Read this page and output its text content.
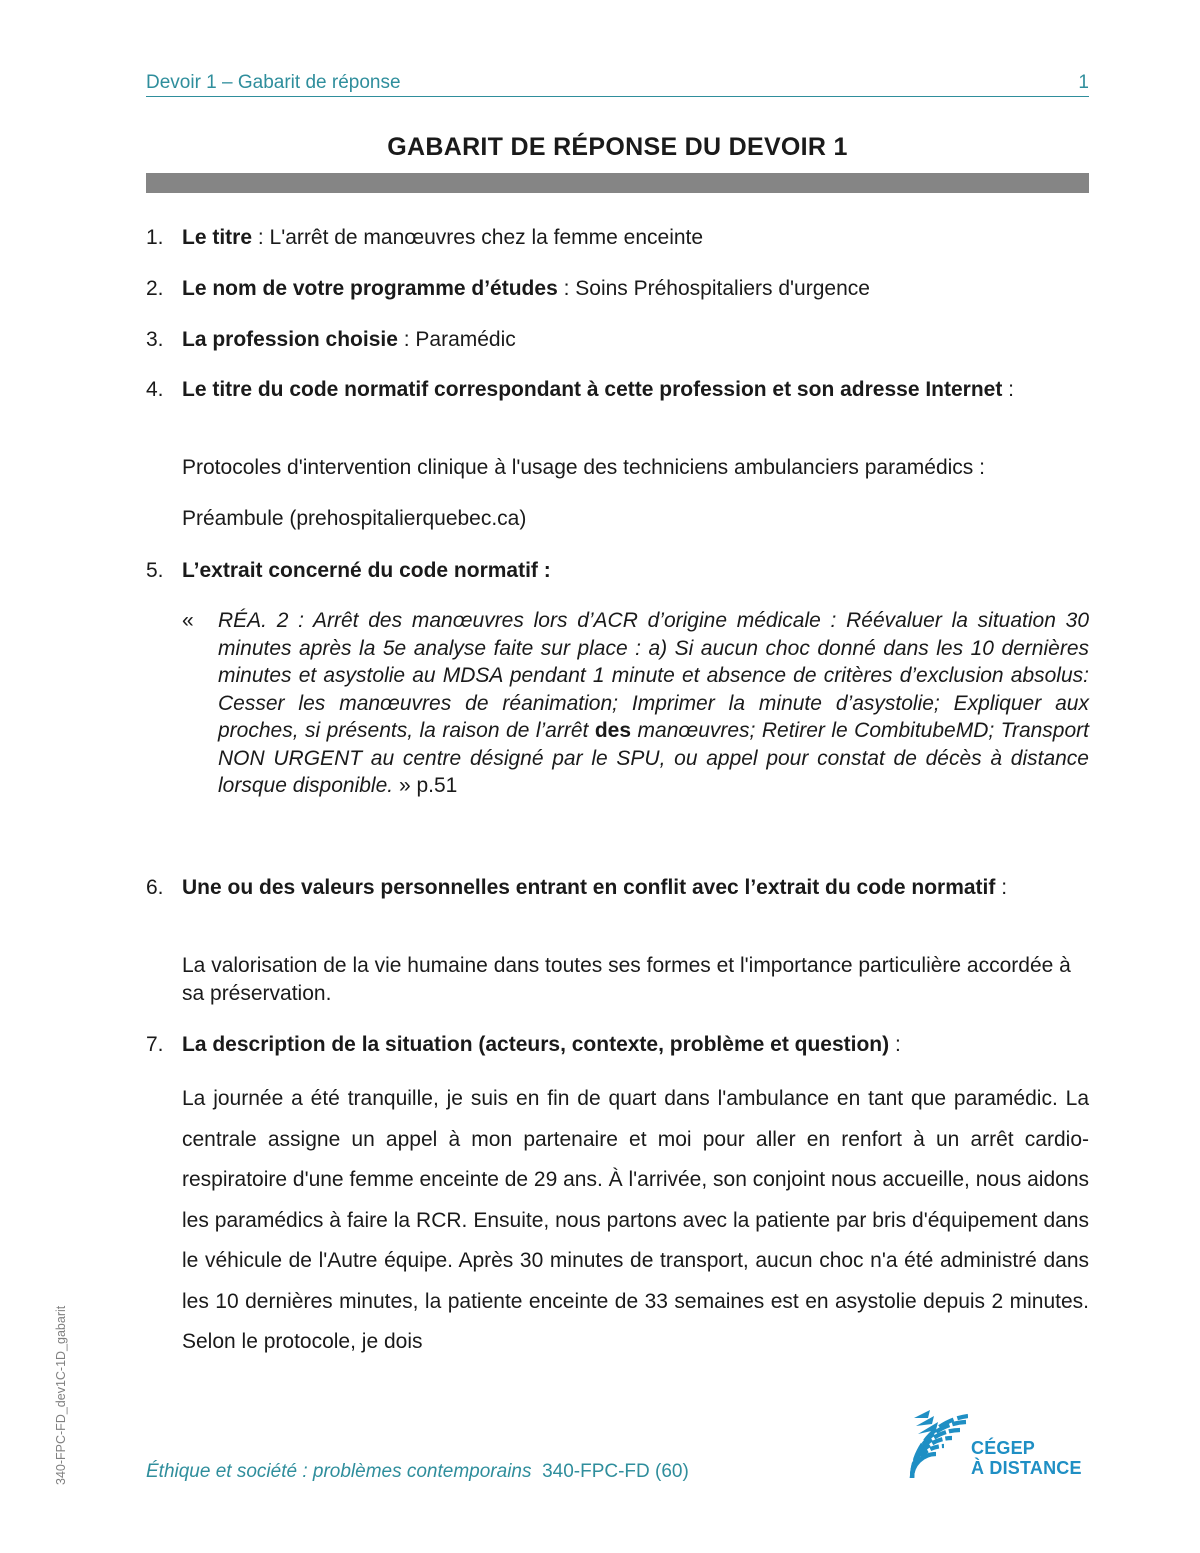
Devoir 1 – Gabarit de réponse	1
GABARIT DE RÉPONSE DU DEVOIR 1
1. Le titre : L'arrêt de manœuvres chez la femme enceinte
2. Le nom de votre programme d’études : Soins Préhospitaliers d'urgence
3. La profession choisie : Paramédic
4. Le titre du code normatif correspondant à cette profession et son adresse Internet :
Protocoles d'intervention clinique à l'usage des techniciens ambulanciers paramédics :
Préambule (prehospitalierquebec.ca)
5. L’extrait concerné du code normatif :
« RÉA. 2 : Arrêt des manœuvres lors d’ACR d’origine médicale : Réévaluer la situation 30 minutes après la 5e analyse faite sur place : a) Si aucun choc donné dans les 10 dernières minutes et asystolie au MDSA pendant 1 minute et absence de critères d’exclusion absolus: Cesser les manœuvres de réanimation; Imprimer la minute d’asystolie; Expliquer aux proches, si présents, la raison de l’arrêt des manœuvres; Retirer le CombitubeMD; Transport NON URGENT au centre désigné par le SPU, ou appel pour constat de décès à distance lorsque disponible. » p.51
6. Une ou des valeurs personnelles entrant en conflit avec l’extrait du code normatif :
La valorisation de la vie humaine dans toutes ses formes et l'importance particulière accordée à sa préservation.
7. La description de la situation (acteurs, contexte, problème et question) :
La journée a été tranquille, je suis en fin de quart dans l'ambulance en tant que paramédic. La centrale assigne un appel à mon partenaire et moi pour aller en renfort à un arrêt cardio-respiratoire d'une femme enceinte de 29 ans. À l'arrivée, son conjoint nous accueille, nous aidons les paramédics à faire la RCR. Ensuite, nous partons avec la patiente par bris d'équipement dans le véhicule de l'Autre équipe. Après 30 minutes de transport, aucun choc n'a été administré dans les 10 dernières minutes, la patiente enceinte de 33 semaines est en asystolie depuis 2 minutes. Selon le protocole, je dois
340-FPC-FD_dev1C-1D_gabarit	Éthique et société : problèmes contemporains 340-FPC-FD (60)
CÉGEP
À DISTANCE
